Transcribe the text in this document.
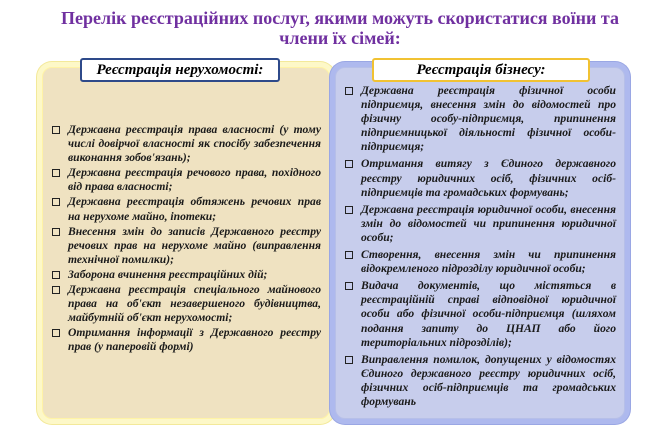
Перелік реєстраційних послуг, якими можуть скористатися воїни та члени їх сімей:
Державна реєстрація права власності (у тому числі довірчої власності як спосібу забезпечення виконання зобов'язань);
Державна реєстрація речового права, похідного від права власності;
Державна реєстрація обтяжень речових прав на нерухоме майно, іпотеки;
Внесення змін до записів Державного реєстру речових прав на нерухоме майно (виправлення технічної помилки);
Заборона вчинення реєстраційних дій;
Державна реєстрація спеціального майнового права на об'єкт незавершеного будівництва, майбутній об'єкт нерухомості;
Отримання інформації з Державного реєстру прав (у паперовій формі)
Державна реєстрація фізичної особи підприємця, внесення змін до відомостей про фізичну особу-підприємця, припинення підприємницької діяльності фізичної особи-підприємця;
Отримання витягу з Єдиного державного реєстру юридичних осіб, фізичних осіб-підприємців та громадських формувань;
Державна реєстрація юридичної особи, внесення змін до відомостей чи припинення юридичної особи;
Створення, внесення змін чи припинення відокремленого підрозділу юридичної особи;
Видача документів, що містяться в реєстраційній справі відповідної юридичної особи або фізичної особи-підприємця (шляхом подання запиту до ЦНАП або його територіальних підрозділів);
Виправлення помилок, допущених у відомостях Єдиного державного реєстру юридичних осіб, фізичних осіб-підприємців та громадських формувань
Реєстрація нерухомості:	Реєстрація бізнесу:
